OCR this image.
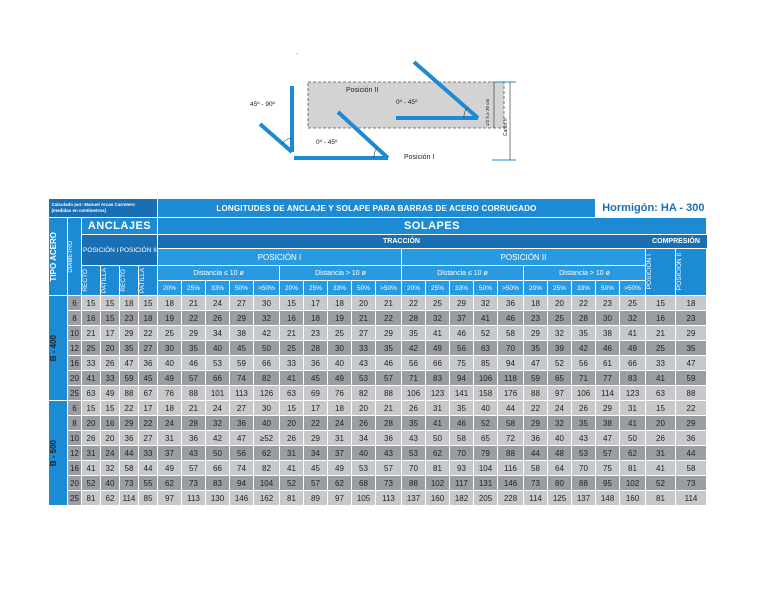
-
Posición II
45º - 90º	0º - 45º
0º - 45º
Posición I
1/2 h ≥ 30 cm
Canto h
Calculado por: Manuel Arcas Carretero
(medidas en centímetros)						LONGITUDES DE ANCLAJE Y SOLAPE PARA BARRAS DE ACERO CORRUGADO																		Hormigón: HA - 300			

TIPO ACERO	DIÁMETRO	ANCLAJES				SOLAPES																					
		POSICIÓN I		POSICIÓN II		TRACCIÓN																				COMPRESIÓN	
						POSICIÓN I										POSICIÓN II										POSICIÓN I	POSICIÓN II

		RECTO	PATILLA	RECTO	PATILLA	Distancia ≤ 10 ø					Distancia > 10 ø					Distancia ≤ 10 ø					Distancia > 10 ø						
						20%	25%	33%	50%	>50%	20%	25%	33%	50%	>50%	20%	25%	33%	50%	>50%	20%	25%	33%	50%	>50%		

B - 400	6	15	15	18	15	18	21	24	27	30	15	17	18	20	21	22	25	29	32	36	18	20	22	23	25	15	18
	8	16	15	23	18	19	22	26	29	32	16	18	19	21	22	28	32	37	41	46	23	25	28	30	32	16	23
	10	21	17	29	22	25	29	34	38	42	21	23	25	27	29	35	41	46	52	58	29	32	35	38	41	21	29
	12	25	20	35	27	30	35	40	45	50	25	28	30	33	35	42	49	56	63	70	35	39	42	46	49	25	35
	16	33	26	47	36	40	46	53	59	66	33	36	40	43	46	56	66	75	85	94	47	52	56	61	66	33	47
	20	41	33	59	45	49	57	66	74	82	41	45	49	53	57	71	83	94	106	118	59	65	71	77	83	41	59
	25	63	49	88	67	76	88	101	113	126	63	69	76	82	88	106	123	141	158	176	88	97	106	114	123	63	88

B - 500	6	15	15	22	17	18	21	24	27	30	15	17	18	20	21	26	31	35	40	44	22	24	26	29	31	15	22
	8	20	16	29	22	24	28	32	36	40	20	22	24	26	28	35	41	46	52	58	29	32	35	38	41	20	29
	10	26	20	36	27	31	36	42	47	≥52	26	29	31	34	36	43	50	58	65	72	36	40	43	47	50	26	36
	12	31	24	44	33	37	43	50	56	62	31	34	37	40	43	53	62	70	79	88	44	48	53	57	62	31	44
	16	41	32	58	44	49	57	66	74	82	41	45	49	53	57	70	81	93	104	116	58	64	70	75	81	41	58
	20	52	40	73	55	62	73	83	94	104	52	57	62	68	73	88	102	117	131	146	73	80	88	95	102	52	73
	25	81	62	114	85	97	113	130	146	162	81	89	97	105	113	137	160	182	205	228	114	125	137	148	160	81	114
